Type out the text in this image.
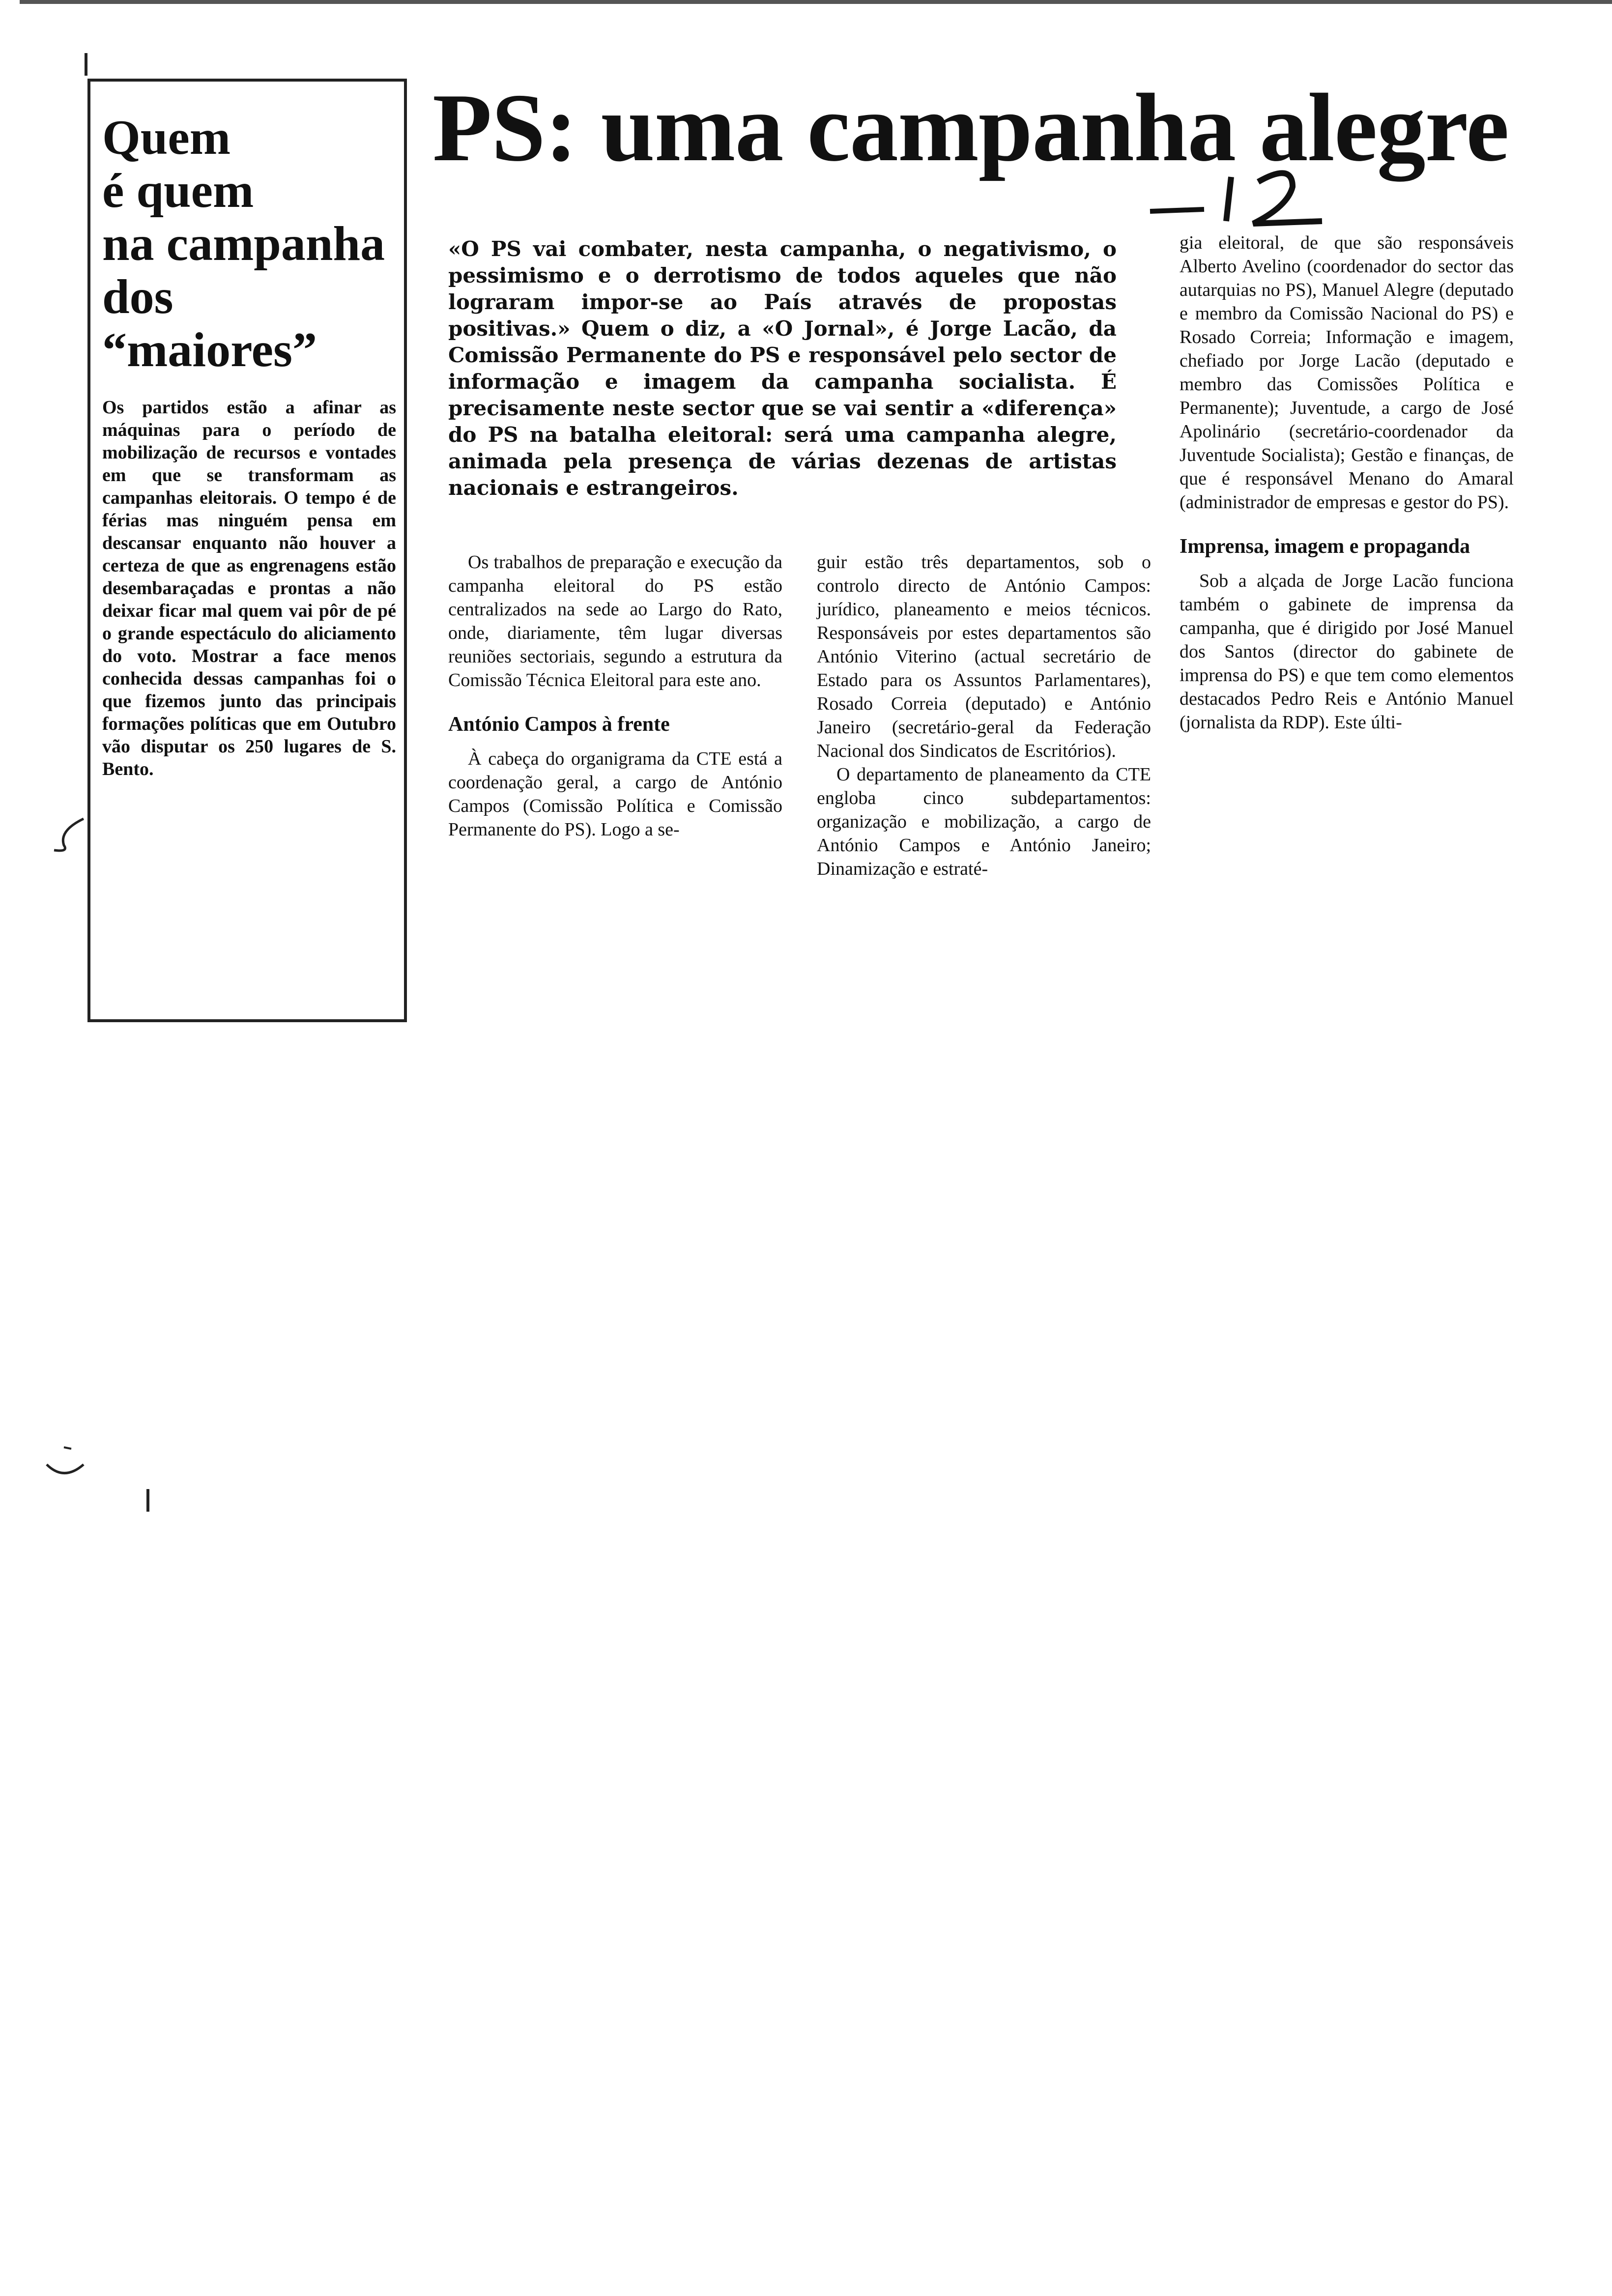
Quem
é quem
na campanha
dos “maiores”

Os partidos estão a afinar as máquinas para o período de mobilização de recursos e vontades em que se transformam as campanhas eleitorais. O tempo é de férias mas ninguém pensa em descansar enquanto não houver a certeza de que as engrenagens estão desembaraçadas e prontas a não deixar ficar mal quem vai pôr de pé o grande espectáculo do aliciamento do voto. Mostrar a face menos conhecida dessas campanhas foi o que fizemos junto das principais formações políticas que em Outubro vão disputar os 250 lugares de S. Bento.

PS: uma campanha alegre

«O PS vai combater, nesta campanha, o negativismo, o pessimismo e o derrotismo de todos aqueles que não lograram impor-se ao País através de propostas positivas.» Quem o diz, a «O Jornal», é Jorge Lacão, da Comissão Permanente do PS e responsável pelo sector de informação e imagem da campanha socialista. É precisamente neste sector que se vai sentir a «diferença» do PS na batalha eleitoral: será uma campanha alegre, animada pela presença de várias dezenas de artistas nacionais e estrangeiros.

Os trabalhos de preparação e execução da campanha eleitoral do PS estão centralizados na sede ao Largo do Rato, onde, diariamente, têm lugar diversas reuniões sectoriais, segundo a estrutura da Comissão Técnica Eleitoral para este ano.

António Campos à frente

À cabeça do organigrama da CTE está a coordenação geral, a cargo de António Campos (Comissão Política e Comissão Permanente do PS). Logo a se-

guir estão três departamentos, sob o controlo directo de António Campos: jurídico, planeamento e meios técnicos. Responsáveis por estes departamentos são António Viterino (actual secretário de Estado para os Assuntos Parlamentares), Rosado Correia (deputado) e António Janeiro (secretário-geral da Federação Nacional dos Sindicatos de Escritórios).

O departamento de planeamento da CTE engloba cinco subdepartamentos: organização e mobilização, a cargo de António Campos e António Janeiro; Dinamização e estraté-

gia eleitoral, de que são responsáveis Alberto Avelino (coordenador do sector das autarquias no PS), Manuel Alegre (deputado e membro da Comissão Nacional do PS) e Rosado Correia; Informação e imagem, chefiado por Jorge Lacão (deputado e membro das Comissões Política e Permanente); Juventude, a cargo de José Apolinário (secretário-coordenador da Juventude Socialista); Gestão e finanças, de que é responsável Menano do Amaral (administrador de empresas e gestor do PS).

Imprensa, imagem e propaganda

Sob a alçada de Jorge Lacão funciona também o gabinete de imprensa da campanha, que é dirigido por José Manuel dos Santos (director do gabinete de imprensa do PS) e que tem como elementos destacados Pedro Reis e António Manuel (jornalista da RDP). Este últi-
